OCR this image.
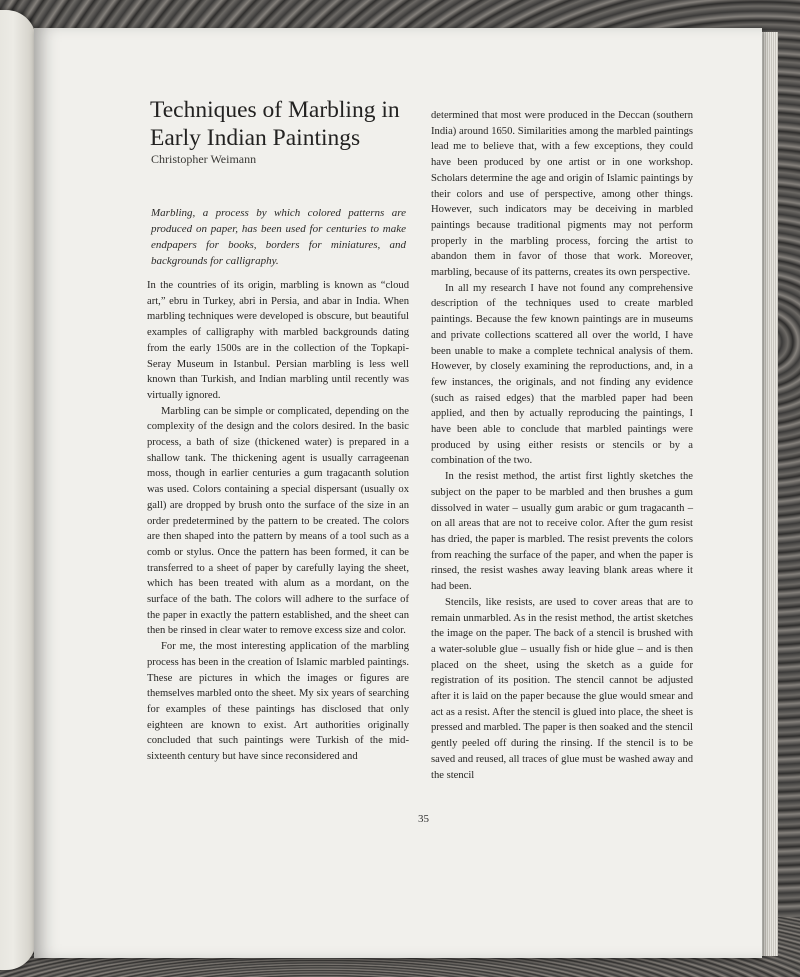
Techniques of Marbling in Early Indian Paintings
Christopher Weimann
Marbling, a process by which colored patterns are produced on paper, has been used for centuries to make endpapers for books, borders for miniatures, and backgrounds for calligraphy.

In the countries of its origin, marbling is known as “cloud art,” ebru in Turkey, abri in Persia, and abar in India. When marbling techniques were developed is obscure, but beautiful examples of calligraphy with marbled backgrounds dating from the early 1500s are in the collection of the Topkapi-Seray Museum in Istanbul. Persian marbling is less well known than Turkish, and Indian marbling until recently was virtually ignored.

Marbling can be simple or complicated, depending on the complexity of the design and the colors desired. In the basic process, a bath of size (thickened water) is prepared in a shallow tank. The thickening agent is usually carrageenan moss, though in earlier centuries a gum tragacanth solution was used. Colors containing a special dispersant (usually ox gall) are dropped by brush onto the surface of the size in an order predetermined by the pattern to be created. The colors are then shaped into the pattern by means of a tool such as a comb or stylus. Once the pattern has been formed, it can be transferred to a sheet of paper by carefully laying the sheet, which has been treated with alum as a mordant, on the surface of the bath. The colors will adhere to the surface of the paper in exactly the pattern established, and the sheet can then be rinsed in clear water to remove excess size and color.

For me, the most interesting application of the marbling process has been in the creation of Islamic marbled paintings. These are pictures in which the images or figures are themselves marbled onto the sheet. My six years of searching for examples of these paintings has disclosed that only eighteen are known to exist. Art authorities originally concluded that such paintings were Turkish of the mid-sixteenth century but have since reconsidered and

determined that most were produced in the Deccan (southern India) around 1650. Similarities among the marbled paintings lead me to believe that, with a few exceptions, they could have been produced by one artist or in one workshop. Scholars determine the age and origin of Islamic paintings by their colors and use of perspective, among other things. However, such indicators may be deceiving in marbled paintings because traditional pigments may not perform properly in the marbling process, forcing the artist to abandon them in favor of those that work. Moreover, marbling, because of its patterns, creates its own perspective.

In all my research I have not found any comprehensive description of the techniques used to create marbled paintings. Because the few known paintings are in museums and private collections scattered all over the world, I have been unable to make a complete technical analysis of them. However, by closely examining the reproductions, and, in a few instances, the originals, and not finding any evidence (such as raised edges) that the marbled paper had been applied, and then by actually reproducing the paintings, I have been able to conclude that marbled paintings were produced by using either resists or stencils or by a combination of the two.

In the resist method, the artist first lightly sketches the subject on the paper to be marbled and then brushes a gum dissolved in water – usually gum arabic or gum tragacanth – on all areas that are not to receive color. After the gum resist has dried, the paper is marbled. The resist prevents the colors from reaching the surface of the paper, and when the paper is rinsed, the resist washes away leaving blank areas where it had been.

Stencils, like resists, are used to cover areas that are to remain unmarbled. As in the resist method, the artist sketches the image on the paper. The back of a stencil is brushed with a water-soluble glue – usually fish or hide glue – and is then placed on the sheet, using the sketch as a guide for registration of its position. The stencil cannot be adjusted after it is laid on the paper because the glue would smear and act as a resist. After the stencil is glued into place, the sheet is pressed and marbled. The paper is then soaked and the stencil gently peeled off during the rinsing. If the stencil is to be saved and reused, all traces of glue must be washed away and the stencil

35
